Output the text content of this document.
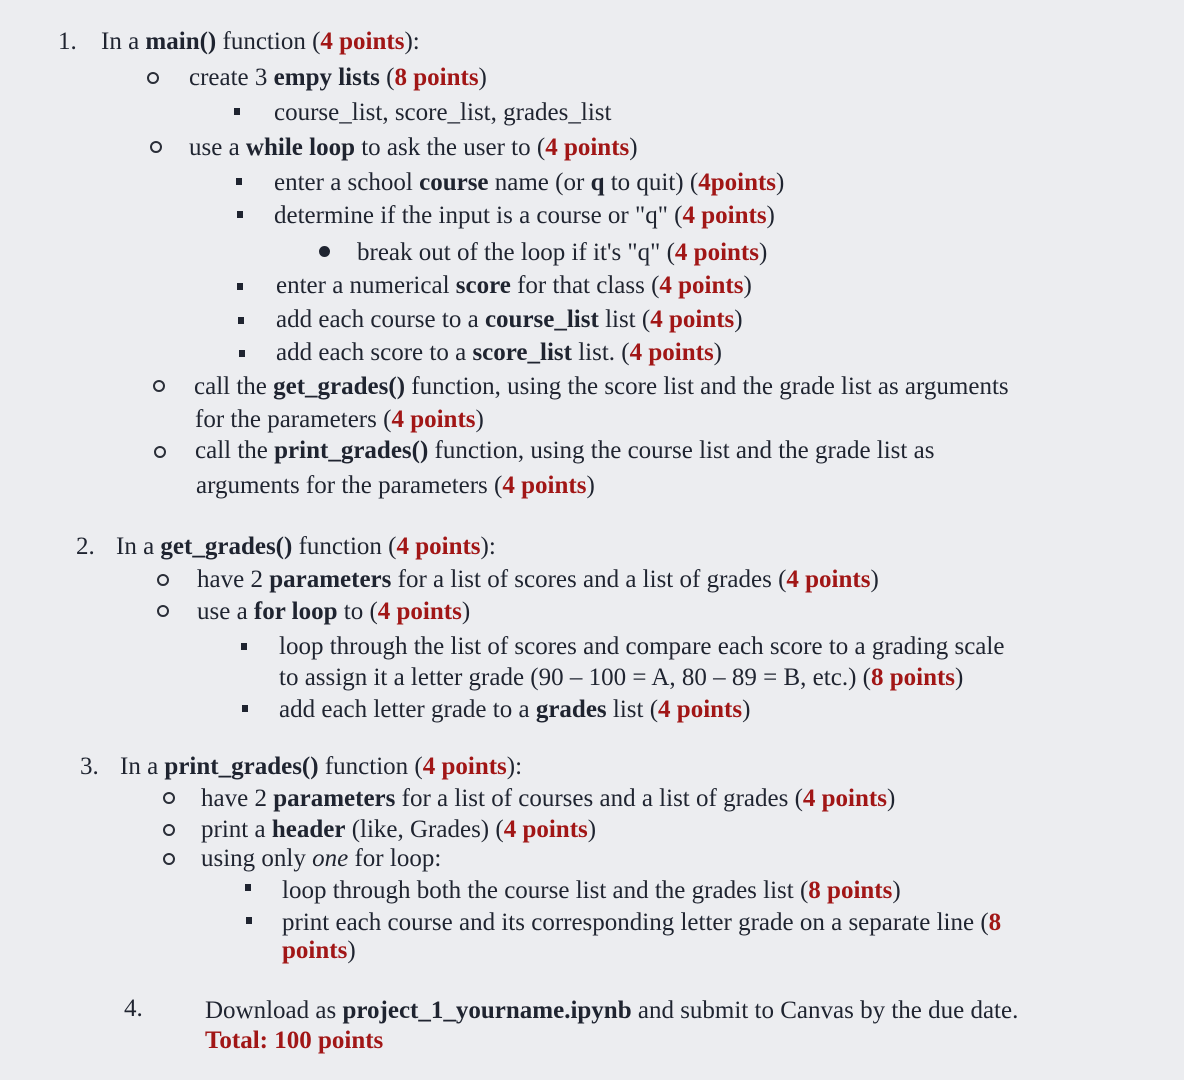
1. In a main() function (4 points):
create 3 empy lists (8 points)
course_list, score_list, grades_list
use a while loop to ask the user to (4 points)
enter a school course name (or q to quit) (4points)
determine if the input is a course or "q" (4 points)
break out of the loop if it's "q" (4 points)
enter a numerical score for that class (4 points)
add each course to a course_list list (4 points)
add each score to a score_list list. (4 points)
call the get_grades() function, using the score list and the grade list as arguments
for the parameters (4 points)
call the print_grades() function, using the course list and the grade list as
arguments for the parameters (4 points)
2. In a get_grades() function (4 points):
have 2 parameters for a list of scores and a list of grades (4 points)
use a for loop to (4 points)
loop through the list of scores and compare each score to a grading scale
to assign it a letter grade (90 – 100 = A, 80 – 89 = B, etc.) (8 points)
add each letter grade to a grades list (4 points)
3. In a print_grades() function (4 points):
have 2 parameters for a list of courses and a list of grades (4 points)
print a header (like, Grades) (4 points)
using only one for loop:
loop through both the course list and the grades list (8 points)
print each course and its corresponding letter grade on a separate line (8
points)
4. Download as project_1_yourname.ipynb and submit to Canvas by the due date.
Total: 100 points
